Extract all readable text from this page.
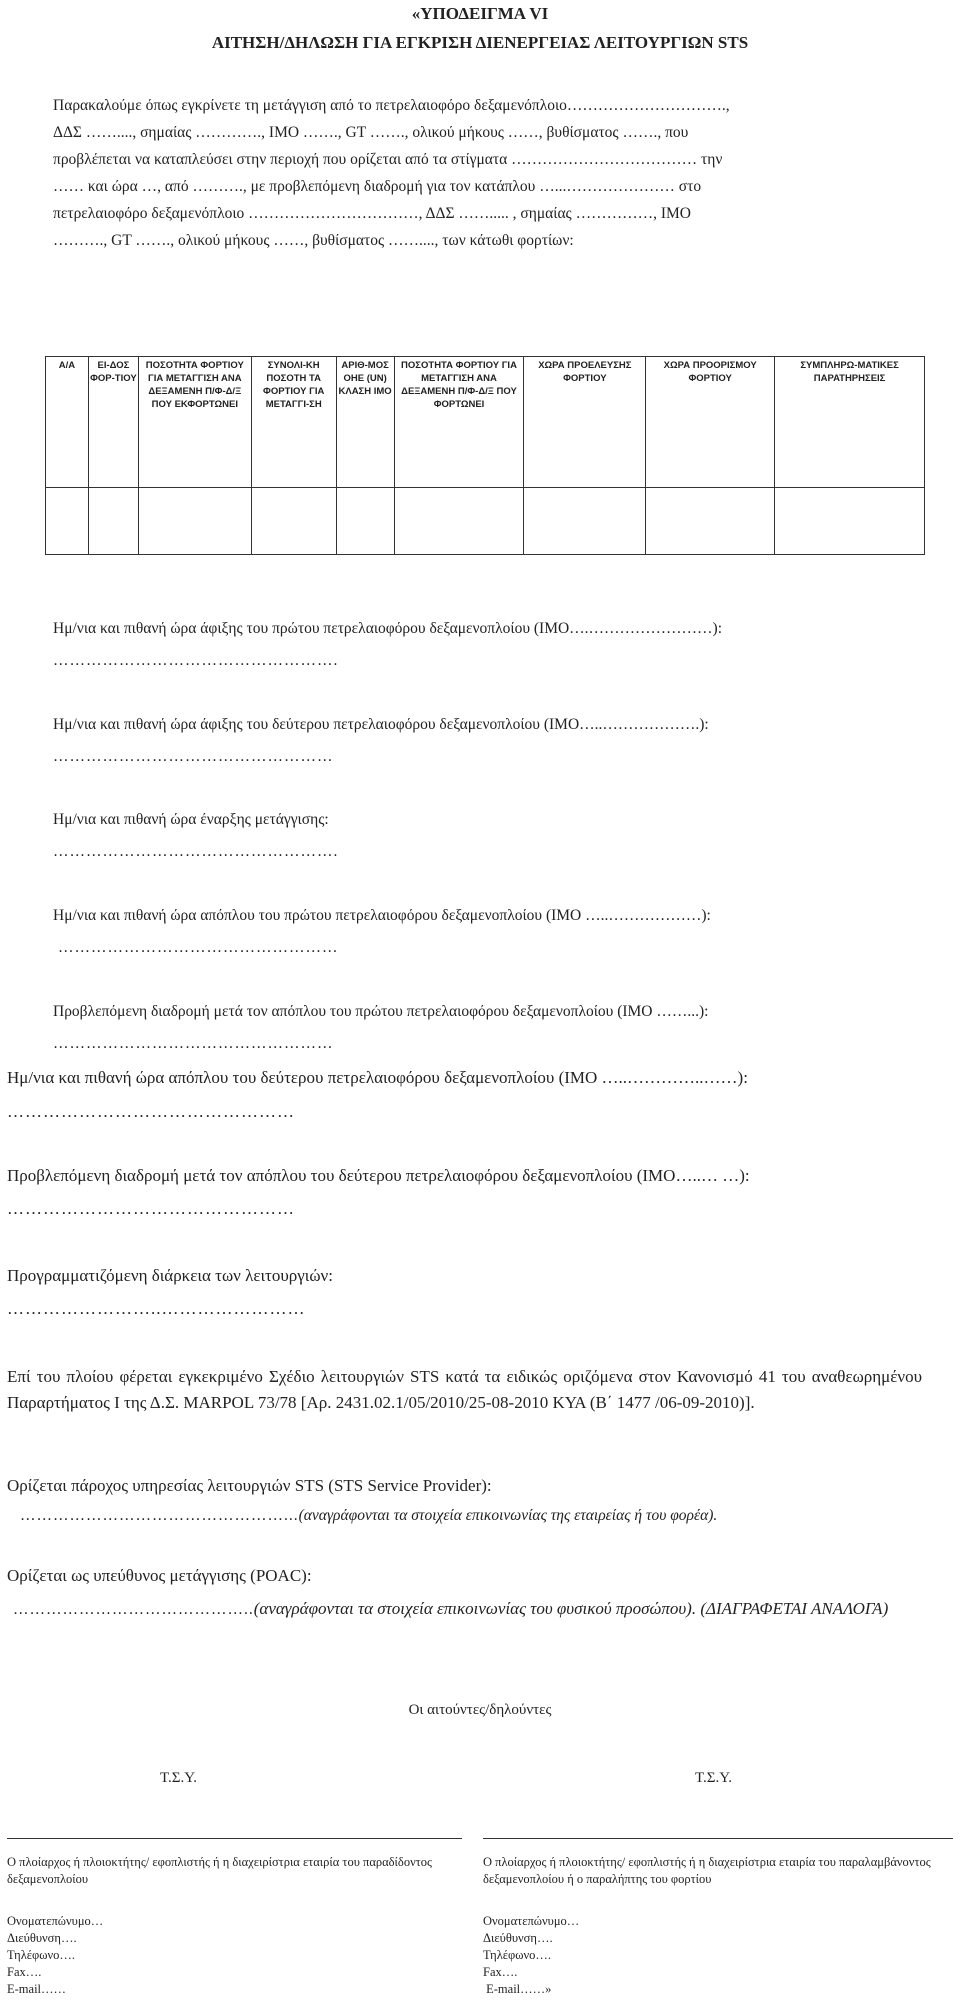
«ΥΠΟΔΕΙΓΜΑ VI
ΑΙΤΗΣΗ/ΔΗΛΩΣΗ ΓΙΑ ΕΓΚΡΙΣΗ ΔΙΕΝΕΡΓΕΙΑΣ ΛΕΙΤΟΥΡΓΙΩΝ STS

Παρακαλούμε όπως εγκρίνετε τη μετάγγιση από το πετρελαιοφόρο δεξαμενόπλοιο………………………….,

ΔΔΣ ……...., σημαίας …………., ΙΜΟ ……., GT ……., ολικού μήκους ……, βυθίσματος ……., που

προβλέπεται να καταπλεύσει στην περιοχή που ορίζεται από τα στίγματα ……………………………… την

…… και ώρα …, από ………., με προβλεπόμενη διαδρομή για τον κατάπλου …...………………… στο

πετρελαιοφόρο δεξαμενόπλοιο ……………………………, ΔΔΣ ……..... , σημαίας ……………, ΙΜΟ

………., GT ……., ολικού μήκους ……, βυθίσματος ……...., των κάτωθι φορτίων:

Α/Α	ΕΙ-ΔΟΣ ΦΟΡ-ΤΙΟΥ	ΠΟΣΟΤΗΤΑ ΦΟΡΤΙΟΥ ΓΙΑ ΜΕΤΑΓΓΙΣΗ ΑΝΑ ΔΕΞΑΜΕΝΗ Π/Φ-Δ/Ξ ΠΟΥ ΕΚΦΟΡΤΩΝΕΙ	ΣΥΝΟΛΙ-ΚΗ ΠΟΣΟΤΗ ΤΑ ΦΟΡΤΙΟΥ ΓΙΑ ΜΕΤΑΓΓΙ-ΣΗ	ΑΡΙΘ-ΜΟΣ ΟΗΕ (UN) ΚΛΑΣΗ ΙΜΟ	ΠΟΣΟΤΗΤΑ ΦΟΡΤΙΟΥ ΓΙΑ ΜΕΤΑΓΓΙΣΗ ΑΝΑ ΔΕΞΑΜΕΝΗ Π/Φ-Δ/Ξ ΠΟΥ ΦΟΡΤΩΝΕΙ	ΧΩΡΑ ΠΡΟΕΛΕΥΣΗΣ ΦΟΡΤΙΟΥ	ΧΩΡΑ ΠΡΟΟΡΙΣΜΟΥ ΦΟΡΤΙΟΥ	ΣΥΜΠΛΗΡΩ-ΜΑΤΙΚΕΣ ΠΑΡΑΤΗΡΗΣΕΙΣ

Ημ/νια και πιθανή ώρα άφιξης του πρώτου πετρελαιοφόρου δεξαμενοπλοίου (ΙΜΟ….……………………):
…………………………………………….
Ημ/νια και πιθανή ώρα άφιξης του δεύτερου πετρελαιοφόρου δεξαμενοπλοίου (ΙΜΟ…..……………….):
……………………………………………
Ημ/νια και πιθανή ώρα έναρξης μετάγγισης:
…………………………………………….
Ημ/νια και πιθανή ώρα απόπλου του πρώτου πετρελαιοφόρου δεξαμενοπλοίου (ΙΜΟ …..………………):
……………………………………………
Προβλεπόμενη διαδρομή μετά τον απόπλου του πρώτου πετρελαιοφόρου δεξαμενοπλοίου (ΙΜΟ ……...):
……………………………………………
Ημ/νια και πιθανή ώρα απόπλου του δεύτερου πετρελαιοφόρου δεξαμενοπλοίου (ΙΜΟ …..…………..……):
…………………………………………
Προβλεπόμενη διαδρομή μετά τον απόπλου του δεύτερου πετρελαιοφόρου δεξαμενοπλοίου (ΙΜΟ…..… …):
…………………………………………
Προγραμματιζόμενη διάρκεια των λειτουργιών:
……………………..……………………
Επί του πλοίου φέρεται εγκεκριμένο Σχέδιο λειτουργιών STS κατά τα ειδικώς οριζόμενα στον Κανονισμό 41 του αναθεωρημένου Παραρτήματος Ι της Δ.Σ. MARPOL 73/78 [Αρ. 2431.02.1/05/2010/25-08-2010 ΚΥΑ (Β΄ 1477 /06-09-2010)].
Ορίζεται πάροχος υπηρεσίας λειτουργιών STS (STS Service Provider):
…………………………………………...(αναγράφονται τα στοιχεία επικοινωνίας της εταιρείας ή του φορέα).
Ορίζεται ως υπεύθυνος μετάγγισης (POAC):
……………………………………..(αναγράφονται τα στοιχεία επικοινωνίας του φυσικού προσώπου). (ΔΙΑΓΡΑΦΕΤΑΙ ΑΝΑΛΟΓΑ)
Οι αιτούντες/δηλούντες
Τ.Σ.Υ.	Τ.Σ.Υ.
Ο πλοίαρχος ή πλοιοκτήτης/ εφοπλιστής ή η διαχειρίστρια εταιρία του παραδίδοντος δεξαμενοπλοίου
Ο πλοίαρχος ή πλοιοκτήτης/ εφοπλιστής ή η διαχειρίστρια εταιρία του παραλαμβάνοντος δεξαμενοπλοίου ή ο παραλήπτης του φορτίου
Ονοματεπώνυμο…
Διεύθυνση….
Τηλέφωνο….
Fax….
E-mail……
Ονοματεπώνυμο…
Διεύθυνση….
Τηλέφωνο….
Fax….
E-mail……»
